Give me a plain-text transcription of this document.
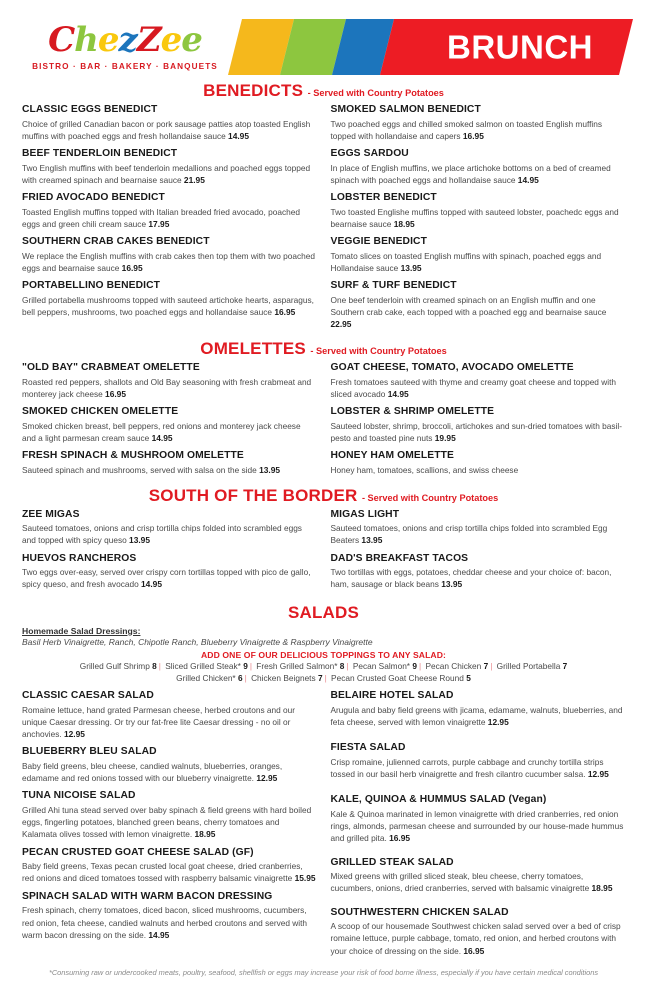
ChezZee
BISTRO · BAR · BAKERY · BANQUETS
BRUNCH
BENEDICTS - Served with Country Potatoes
CLASSIC EGGS BENEDICT
Choice of grilled Canadian bacon or pork sausage patties atop toasted English muffins with poached eggs and fresh hollandaise sauce 14.95
BEEF TENDERLOIN BENEDICT
Two English muffins with beef tenderloin medallions and poached eggs topped with creamed spinach and bearnaise sauce 21.95
FRIED AVOCADO BENEDICT
Toasted English muffins topped with Italian breaded fried avocado, poached eggs and green chili cream sauce 17.95
SOUTHERN CRAB CAKES BENEDICT
We replace the English muffins with crab cakes then top them with two poached eggs and bearnaise sauce 16.95
PORTABELLINO BENEDICT
Grilled portabella mushrooms topped with sauteed artichoke hearts, asparagus, bell peppers, mushrooms, two poached eggs and hollandaise sauce 16.95
SMOKED SALMON BENEDICT
Two poached eggs and chilled smoked salmon on toasted English muffins topped with hollandaise and capers 16.95
EGGS SARDOU
In place of English muffins, we place artichoke bottoms on a bed of creamed spinach with poached eggs and hollandaise sauce 14.95
LOBSTER BENEDICT
Two toasted Englishe muffins topped with sauteed lobster, poachedc eggs and bearnaise sauce 18.95
VEGGIE BENEDICT
Tomato slices on toasted English muffins with spinach, poached eggs and Hollandaise sauce 13.95
SURF & TURF BENEDICT
One beef tenderloin with creamed spinach on an English muffin and one Southern crab cake, each topped with a poached egg and bearnaise sauce 22.95
OMELETTES - Served with Country Potatoes
"OLD BAY" CRABMEAT OMELETTE
Roasted red peppers, shallots and Old Bay seasoning with fresh crabmeat and monterey jack cheese 16.95
SMOKED CHICKEN OMELETTE
Smoked chicken breast, bell peppers, red onions and monterey jack cheese and a light parmesan cream sauce 14.95
FRESH SPINACH & MUSHROOM OMELETTE
Sauteed spinach and mushrooms, served with salsa on the side 13.95
GOAT CHEESE, TOMATO, AVOCADO OMELETTE
Fresh tomatoes sauteed with thyme and creamy goat cheese and topped with sliced avocado 14.95
LOBSTER & SHRIMP OMELETTE
Sauteed lobster, shrimp, broccoli, artichokes and sun-dried tomatoes with basil-pesto and toasted pine nuts 19.95
HONEY HAM OMELETTE
Honey ham, tomatoes, scallions, and swiss cheese
SOUTH OF THE BORDER - Served with Country Potatoes
ZEE MIGAS
Sauteed tomatoes, onions and crisp tortilla chips folded into scrambled eggs and topped with spicy queso 13.95
HUEVOS RANCHEROS
Two eggs over-easy, served over crispy corn tortillas topped with pico de gallo, spicy queso, and fresh avocado 14.95
MIGAS LIGHT
Sauteed tomatoes, onions and crisp tortilla chips folded into scrambled Egg Beaters 13.95
DAD'S BREAKFAST TACOS
Two tortillas with eggs, potatoes, cheddar cheese and your choice of: bacon, ham, sausage or black beans 13.95
SALADS
Homemade Salad Dressings:
Basil Herb Vinaigrette, Ranch, Chipotle Ranch, Blueberry Vinaigrette & Raspberry Vinaigrette
ADD ONE OF OUR DELICIOUS TOPPINGS TO ANY SALAD:
Grilled Gulf Shrimp 8 | Sliced Grilled Steak* 9 | Fresh Grilled Salmon* 8 | Pecan Salmon* 9 | Pecan Chicken 7 | Grilled Portabella 7
Grilled Chicken* 6 | Chicken Beignets 7 | Pecan Crusted Goat Cheese Round 5
CLASSIC CAESAR SALAD
Romaine lettuce, hand grated Parmesan cheese, herbed croutons and our unique Caesar dressing. Or try our fat-free lite Caesar dressing - no oil or anchovies. 12.95
BLUEBERRY BLEU SALAD
Baby field greens, bleu cheese, candied walnuts, blueberries, oranges, edamame and red onions tossed with our blueberry vinaigrette. 12.95
TUNA NICOISE SALAD
Grilled Ahi tuna stead served over baby spinach & field greens with hard boiled eggs, fingerling potatoes, blanched green beans, cherry tomatoes and Kalamata olives tossed with lemon vinaigrette. 18.95
PECAN CRUSTED GOAT CHEESE SALAD (GF)
Baby field greens, Texas pecan crusted local goat cheese, dried cranberries, red onions and diced tomatoes tossed with raspberry balsamic vinaigrette 15.95
SPINACH SALAD WITH WARM BACON DRESSING
Fresh spinach, cherry tomatoes, diced bacon, sliced mushrooms, cucumbers, red onion, feta cheese, candied walnuts and herbed croutons and served with warm bacon dressing on the side. 14.95
BELAIRE HOTEL SALAD
Arugula and baby field greens with jicama, edamame, walnuts, blueberries, and feta cheese, served with lemon vinaigrette 12.95
FIESTA SALAD
Crisp romaine, julienned carrots, purple cabbage and crunchy tortilla strips tossed in our basil herb vinaigrette and fresh cilantro cucumber salsa. 12.95
KALE, QUINOA & HUMMUS SALAD (Vegan)
Kale & Quinoa marinated in lemon vinaigrette with dried cranberries, red onion rings, almonds, parmesan cheese and surrounded by our house-made hummus and grilled pita. 16.95
GRILLED STEAK SALAD
Mixed greens with grilled sliced steak, bleu cheese, cherry tomatoes, cucumbers, onions, dried cranberries, served with balsamic vinaigrette 18.95
SOUTHWESTERN CHICKEN SALAD
A scoop of our housemade Southwest chicken salad served over a bed of crisp romaine lettuce, purple cabbage, tomato, red onion, and herbed croutons with your choice of dressing on the side. 16.95
*Consuming raw or undercooked meats, poultry, seafood, shellfish or eggs may increase your risk of food borne illness, especially if you have certain medical conditions
